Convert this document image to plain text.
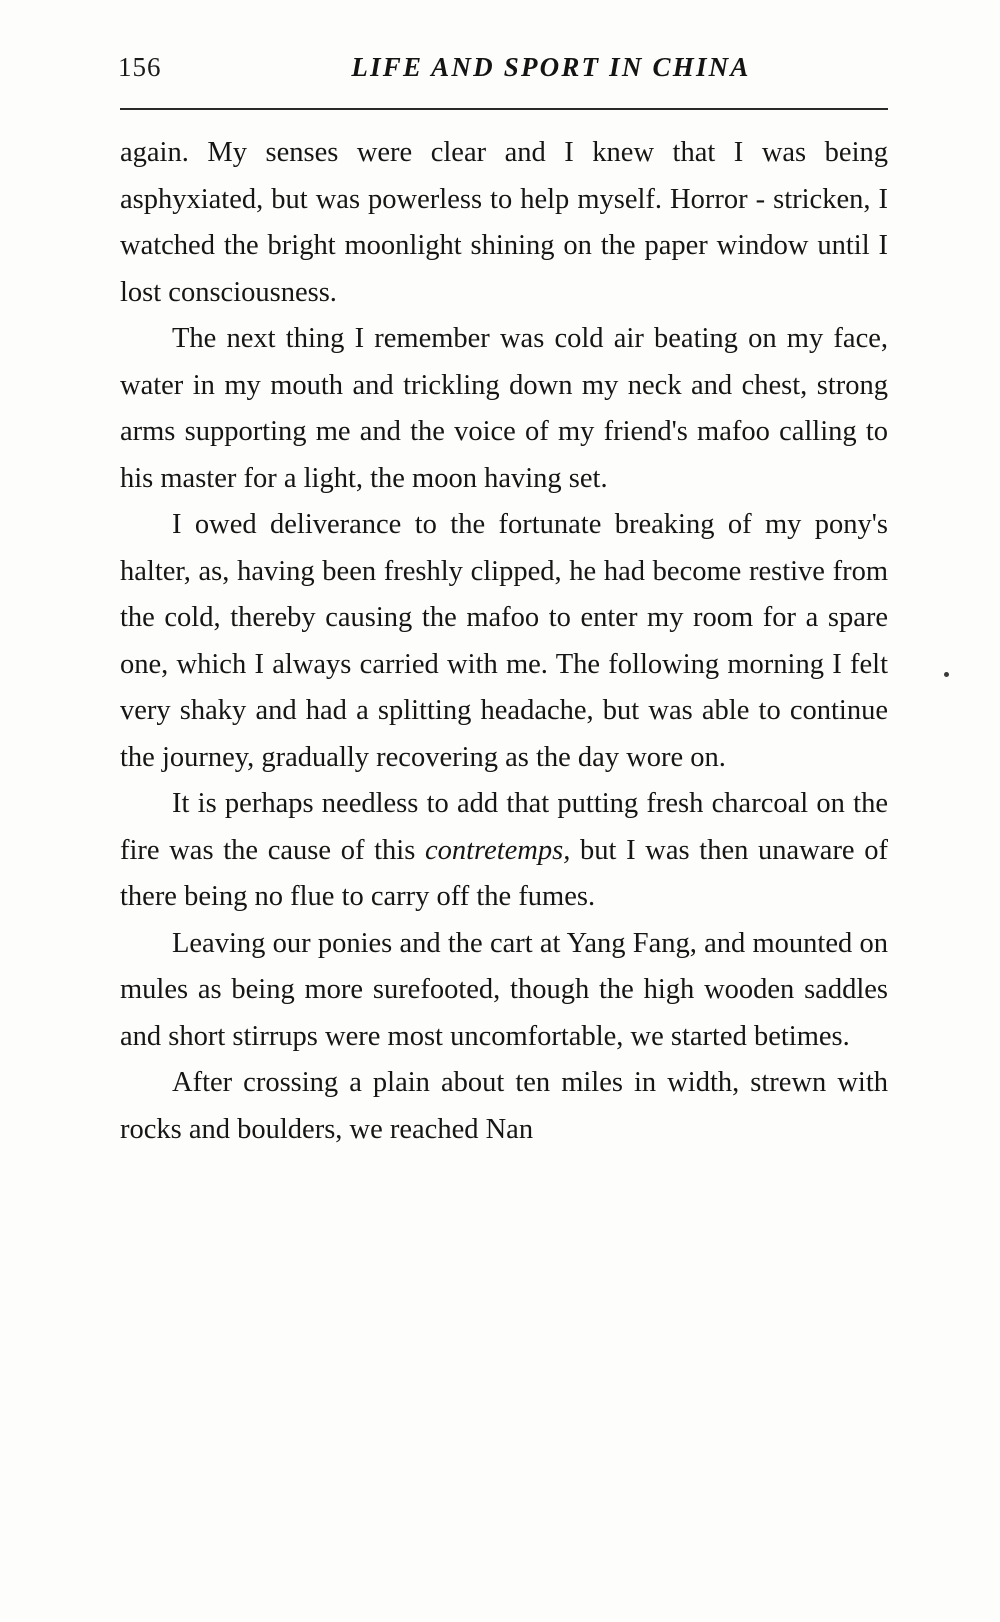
156	LIFE AND SPORT IN CHINA

again. My senses were clear and I knew that I was being asphyxiated, but was powerless to help myself. Horror - stricken, I watched the bright moonlight shining on the paper window until I lost consciousness.

The next thing I remember was cold air beating on my face, water in my mouth and trickling down my neck and chest, strong arms supporting me and the voice of my friend's mafoo calling to his master for a light, the moon having set.

I owed deliverance to the fortunate breaking of my pony's halter, as, having been freshly clipped, he had become restive from the cold, thereby causing the mafoo to enter my room for a spare one, which I always carried with me. The following morning I felt very shaky and had a splitting headache, but was able to continue the journey, gradually recovering as the day wore on.

It is perhaps needless to add that putting fresh charcoal on the fire was the cause of this contretemps, but I was then unaware of there being no flue to carry off the fumes.

Leaving our ponies and the cart at Yang Fang, and mounted on mules as being more surefooted, though the high wooden saddles and short stirrups were most uncomfortable, we started betimes.

After crossing a plain about ten miles in width, strewn with rocks and boulders, we reached Nan
